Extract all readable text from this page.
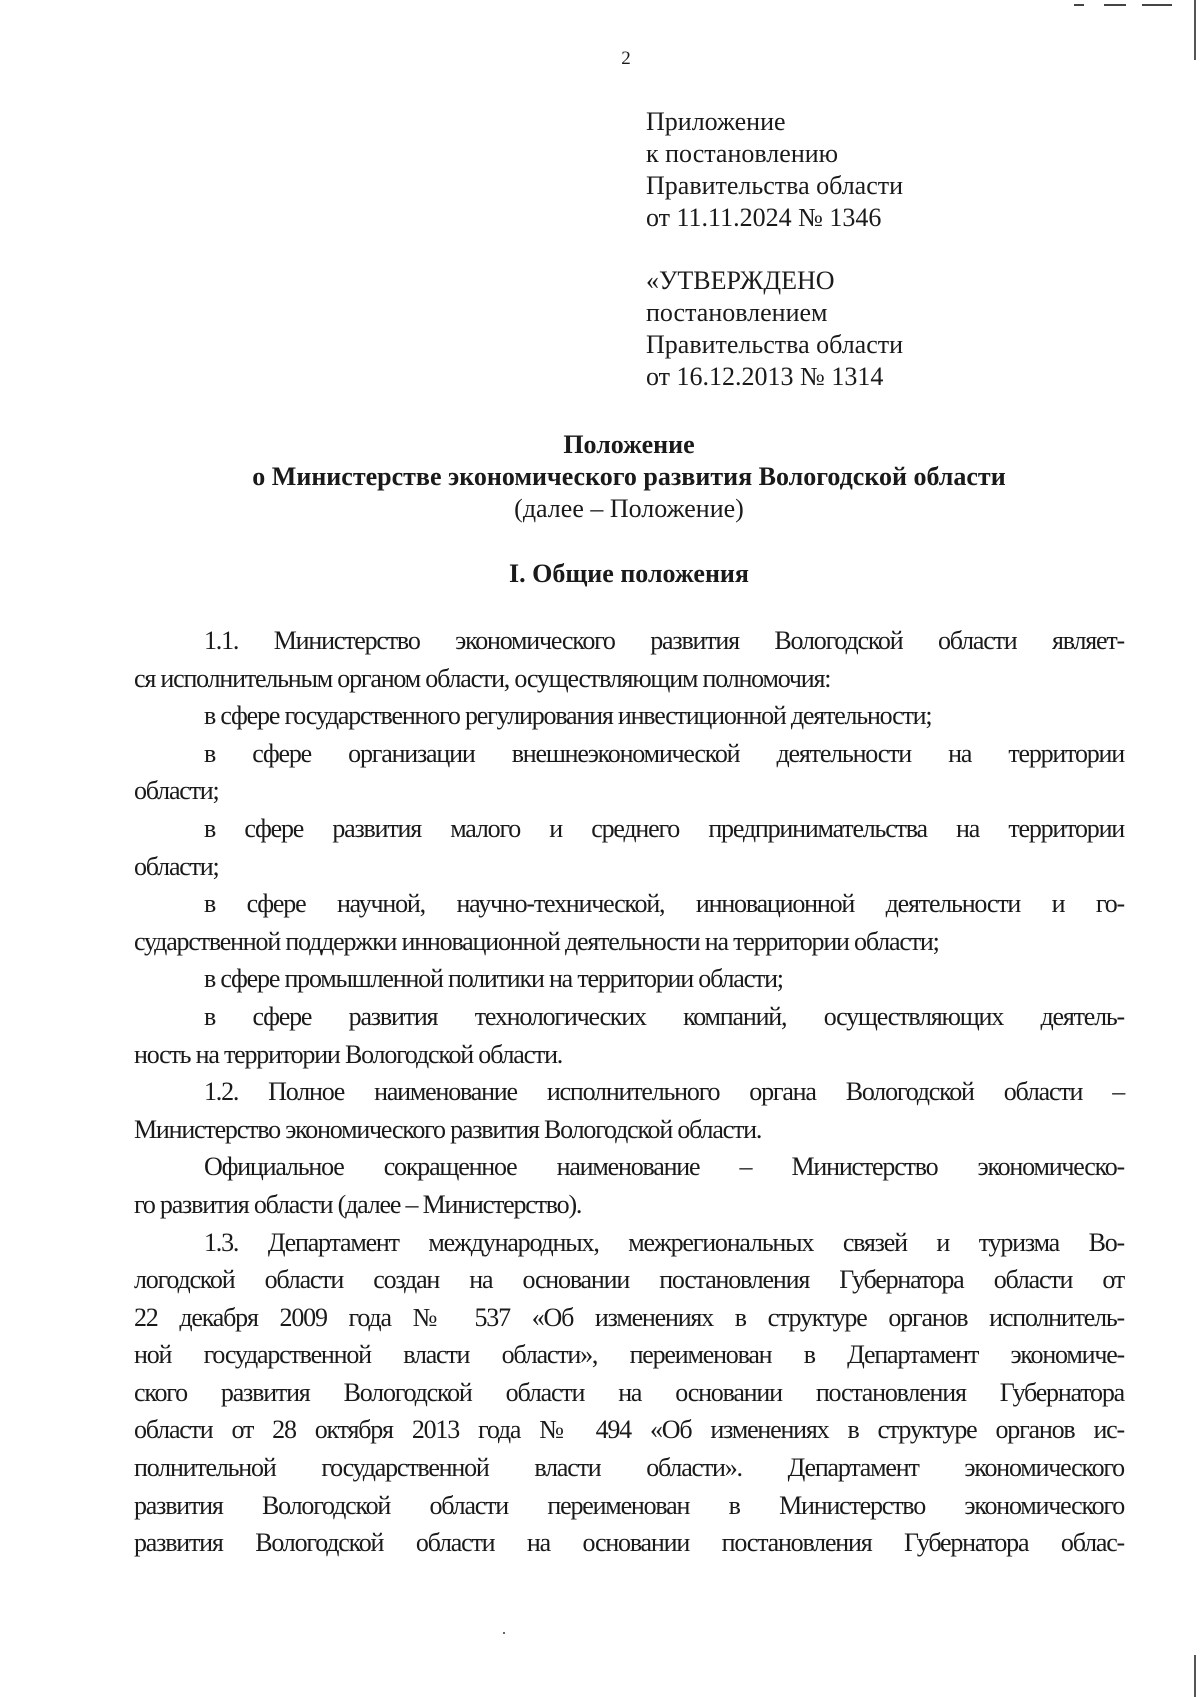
2
Приложение
к постановлению
Правительства области
от 11.11.2024 № 1346
«УТВЕРЖДЕНО
постановлением
Правительства области
от 16.12.2013 № 1314
Положение
о Министерстве экономического развития Вологодской области
(далее – Положение)
I. Общие положения

1.1. Министерство экономического развития Вологодской области являет-
ся исполнительным органом области, осуществляющим полномочия:

в сфере государственного регулирования инвестиционной деятельности;

в сфере организации внешнеэкономической деятельности на территории
области;

в сфере развития малого и среднего предпринимательства на территории
области;

в сфере научной, научно-технической, инновационной деятельности и го-
сударственной поддержки инновационной деятельности на территории области;

в сфере промышленной политики на территории области;

в сфере развития технологических компаний, осуществляющих деятель-
ность на территории Вологодской области.

1.2. Полное наименование исполнительного органа Вологодской области –
Министерство экономического развития Вологодской области.

Официальное сокращенное наименование – Министерство экономическо-
го развития области (далее – Министерство).

1.3. Департамент международных, межрегиональных связей и туризма Во-
логодской области создан на основании постановления Губернатора области от
22 декабря 2009 года № 537 «Об изменениях в структуре органов исполнитель-
ной государственной власти области», переименован в Департамент экономиче-
ского развития Вологодской области на основании постановления Губернатора
области от 28 октября 2013 года № 494 «Об изменениях в структуре органов ис-
полнительной государственной власти области». Департамент экономического
развития Вологодской области переименован в Министерство экономического
развития Вологодской области на основании постановления Губернатора облас-
